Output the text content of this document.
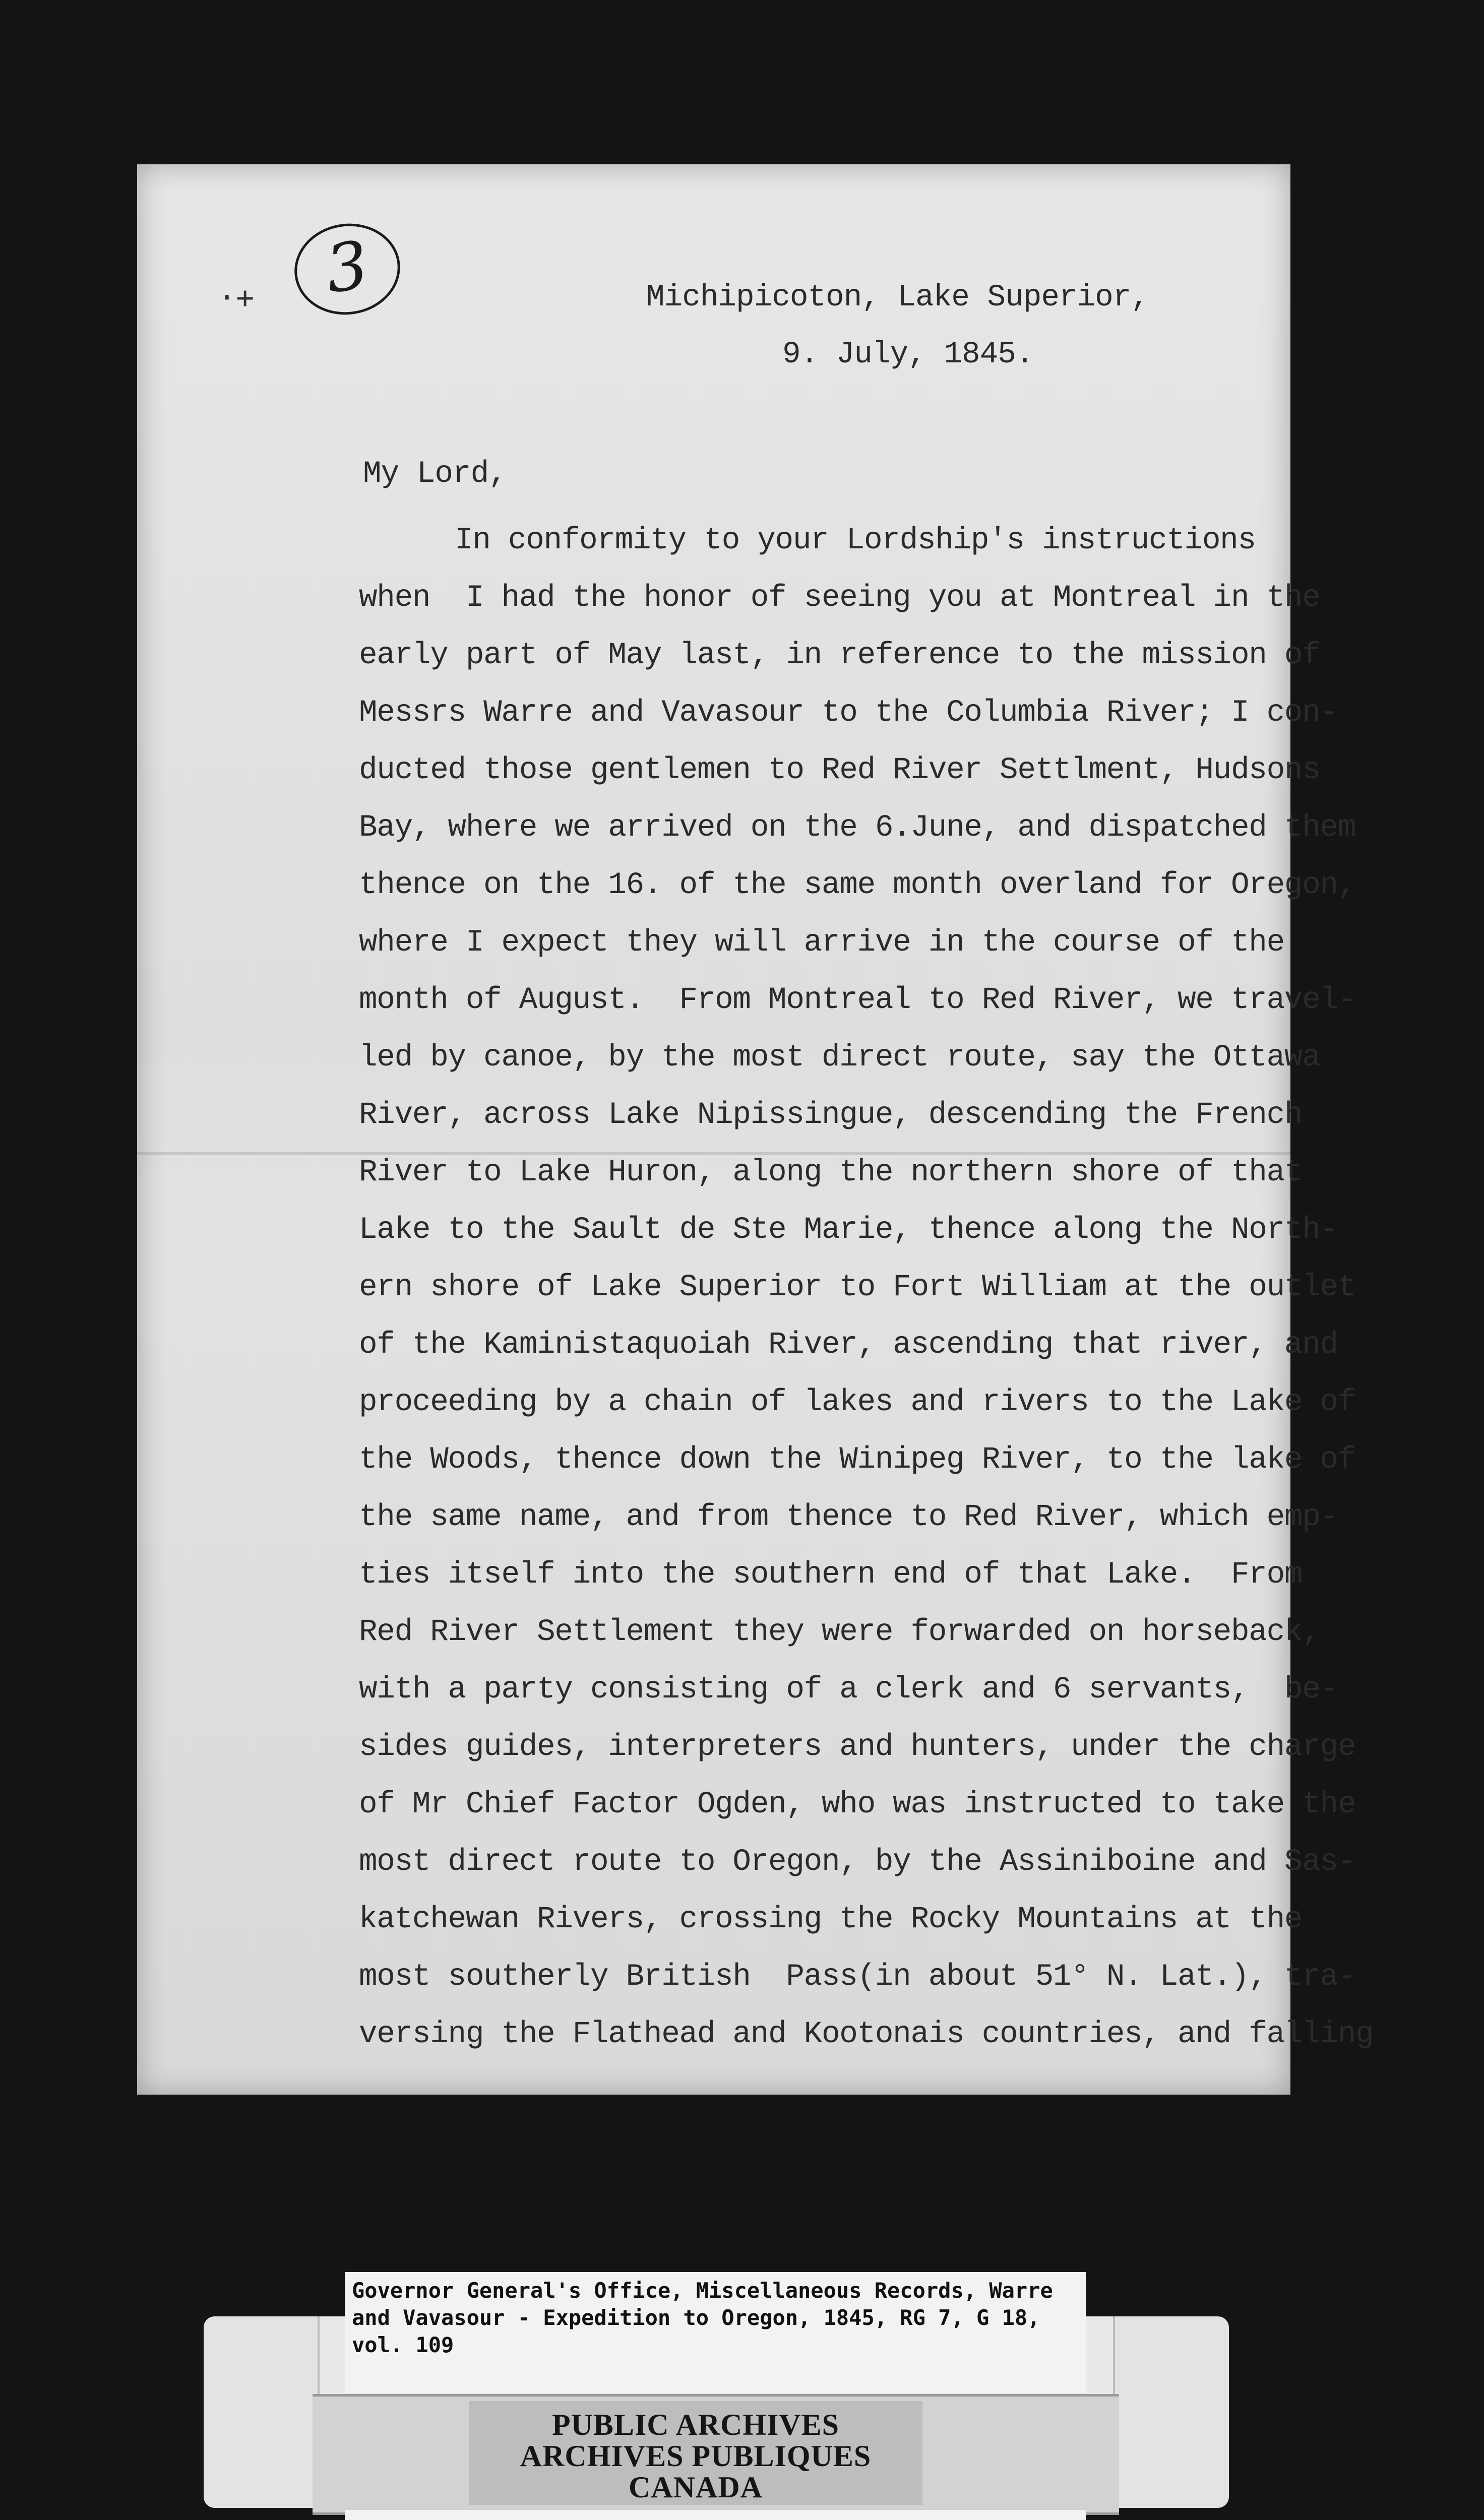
3
·+	Michipicoton, Lake Superior,
9. July, 1845.
My Lord,
In conformity to your Lordship's instructions
when  I had the honor of seeing you at Montreal in the
early part of May last, in reference to the mission of
Messrs Warre and Vavasour to the Columbia River; I con-
ducted those gentlemen to Red River Settlment, Hudsons
Bay, where we arrived on the 6.June, and dispatched them
thence on the 16. of the same month overland for Oregon,
where I expect they will arrive in the course of the
month of August.  From Montreal to Red River, we travel-
led by canoe, by the most direct route, say the Ottawa
River, across Lake Nipissingue, descending the French
River to Lake Huron, along the northern shore of that
Lake to the Sault de Ste Marie, thence along the North-
ern shore of Lake Superior to Fort William at the outlet
of the Kaministaquoiah River, ascending that river, and
proceeding by a chain of lakes and rivers to the Lake of
the Woods, thence down the Winipeg River, to the lake of
the same name, and from thence to Red River, which emp-
ties itself into the southern end of that Lake.  From
Red River Settlement they were forwarded on horseback,
with a party consisting of a clerk and 6 servants,  be-
sides guides, interpreters and hunters, under the charge
of Mr Chief Factor Ogden, who was instructed to take the
most direct route to Oregon, by the Assiniboine and Sas-
katchewan Rivers, crossing the Rocky Mountains at the
most southerly British  Pass(in about 51° N. Lat.), tra-
versing the Flathead and Kootonais countries, and falling

Governor General's Office, Miscellaneous Records, Warre and Vavasour - Expedition to Oregon, 1845, RG 7, G 18, vol. 109

PUBLIC ARCHIVES
ARCHIVES PUBLIQUES
CANADA
